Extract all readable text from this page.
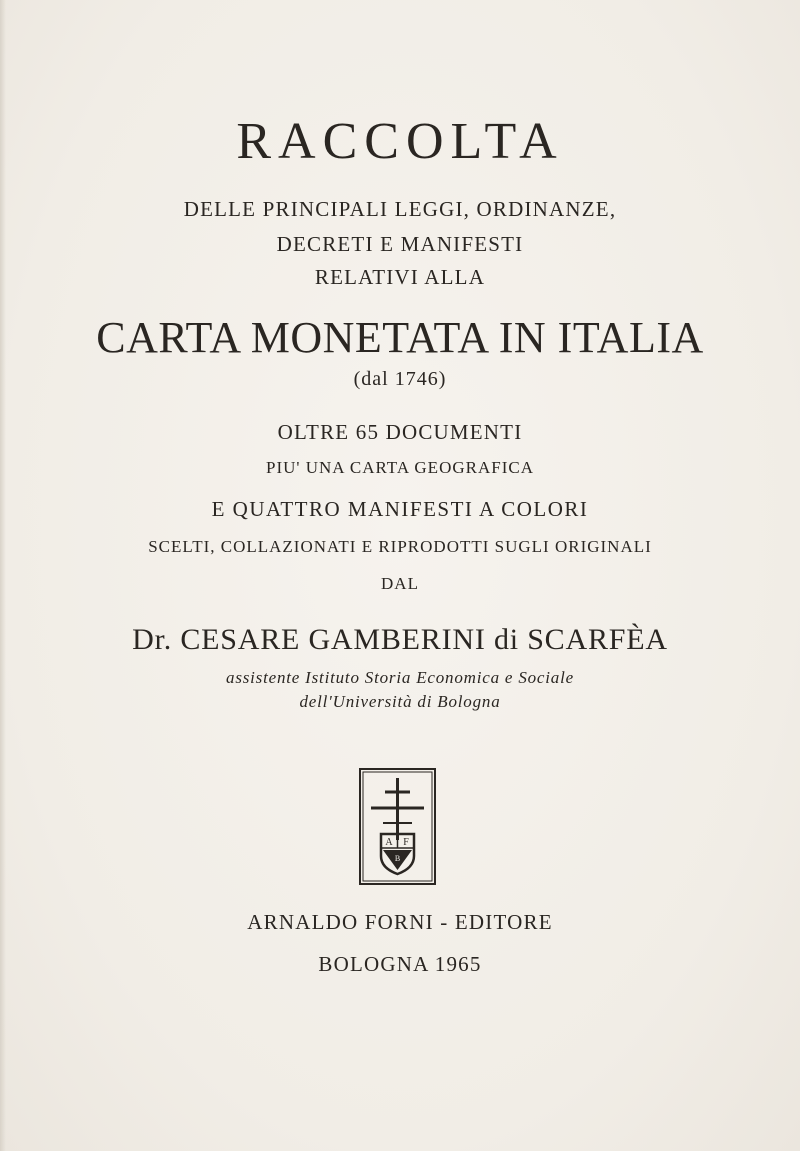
RACCOLTA
DELLE PRINCIPALI LEGGI, ORDINANZE,
DECRETI E MANIFESTI
RELATIVI ALLA
CARTA MONETATA IN ITALIA
(dal 1746)
OLTRE 65 DOCUMENTI
PIU' UNA CARTA GEOGRAFICA
E QUATTRO MANIFESTI A COLORI
SCELTI, COLLAZIONATI E RIPRODOTTI SUGLI ORIGINALI
DAL
Dr. CESARE GAMBERINI di SCARFÈA
assistente Istituto Storia Economica e Sociale
dell'Università di Bologna
A F
B
ARNALDO FORNI - EDITORE
BOLOGNA 1965
